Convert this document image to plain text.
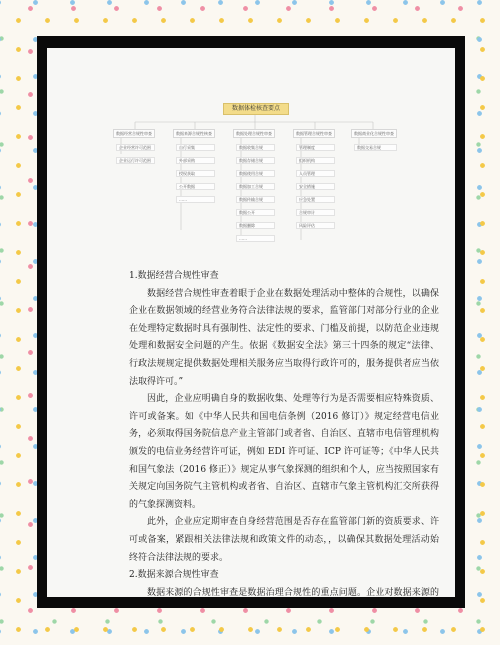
数据体检核查要点
数据经营合规性审查
企业经营许可范围
企业运行许可范围
数据来源合规性核查
自行采集
外部采购
授权获取
公开数据
……
数据处理合规性审查
数据收集合规
数据存储合规
数据使用合规
数据加工合规
数据传输合规
数据公开
数据删除
……
数据管理合规性审查
管理制度
组织机构
人员管理
安全措施
应急处置
合规审计
风险评估
数据商业化合规性审查
数据交易合规

1.数据经营合规性审查

数据经营合规性审查着眼于企业在数据处理活动中整体的合规性，以确保企业在数据领域的经营业务符合法律法规的要求，监管部门对部分行业的企业在处理特定数据时具有强制性、法定性的要求、门槛及前提，以防范企业违规处理和数据安全问题的产生。依据《数据安全法》第三十四条的规定“法律、行政法规规定提供数据处理相关服务应当取得行政许可的，服务提供者应当依法取得许可。”

因此，企业应明确自身的数据收集、处理等行为是否需要相应特殊资质、许可或备案。如《中华人民共和国电信条例（2016 修订）》规定经营电信业务，必须取得国务院信息产业主管部门或者省、自治区、直辖市电信管理机构颁发的电信业务经营许可证，例如 EDI 许可证、ICP 许可证等；《中华人民共和国气象法（2016 修正）》规定从事气象探测的组织和个人，应当按照国家有关规定向国务院气主管机构或者省、自治区、直辖市气象主管机构汇交所获得的气象探测资料。

此外，企业应定期审查自身经营范围是否存在监管部门新的资质要求、许可或备案，紧跟相关法律法规和政策文件的动态，，以确保其数据处理活动始终符合法律法规的要求。

2.数据来源合规性审查

数据来源的合规性审查是数据治理合规性的重点问题。企业对数据来源的
